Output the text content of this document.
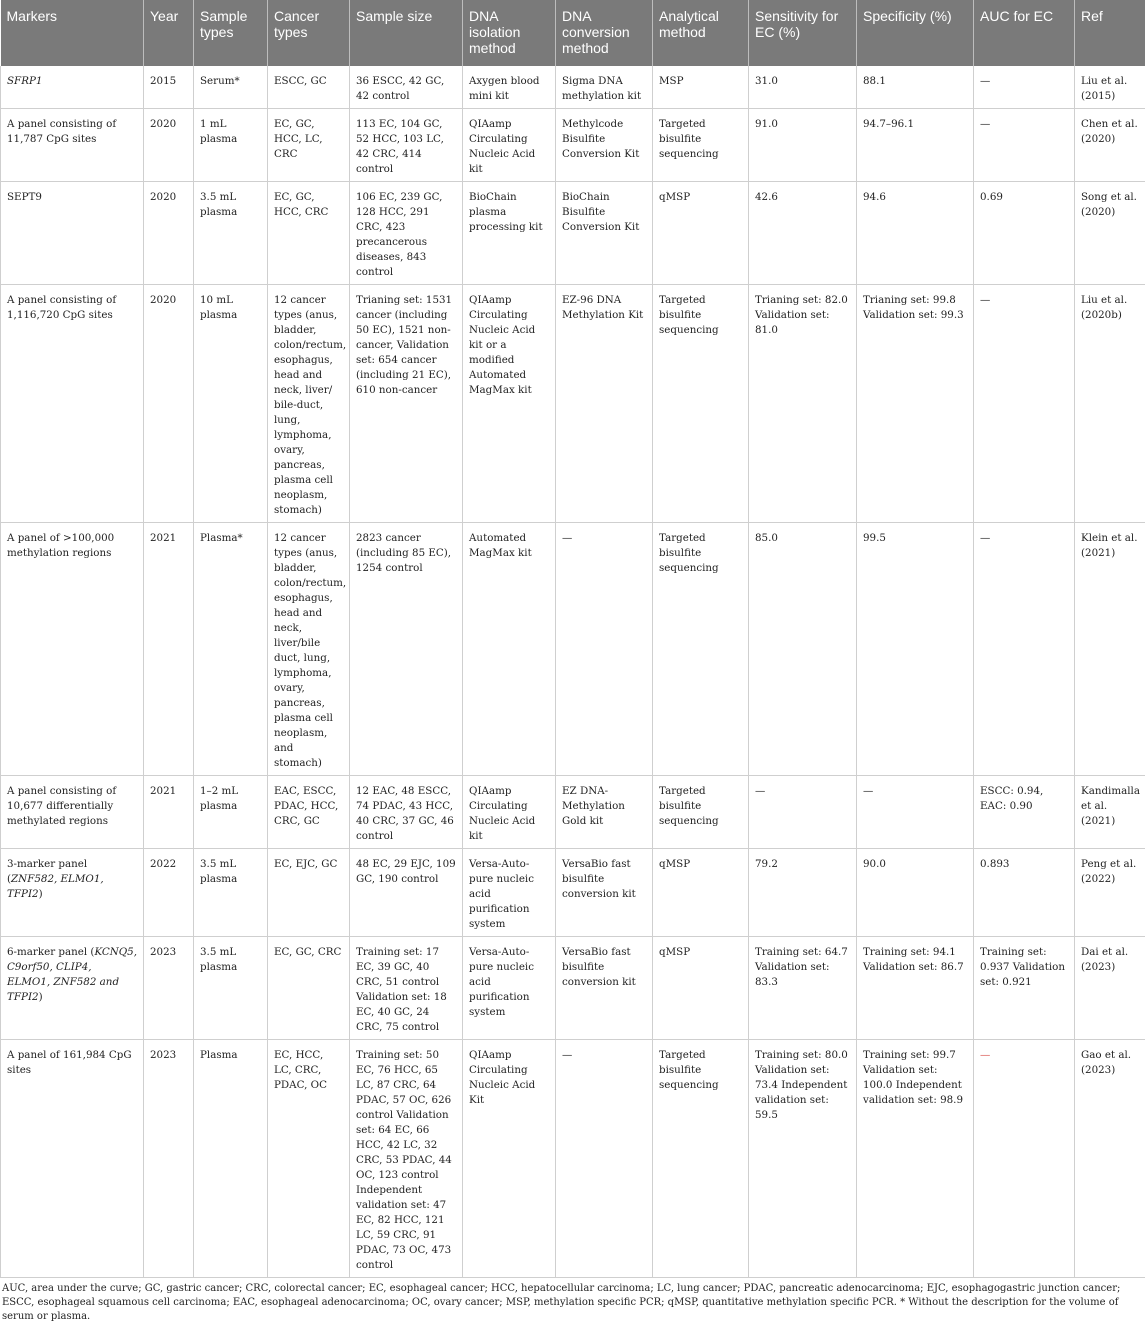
Markers	Year	Sample types	Cancer types	Sample size	DNA isolation method	DNA conversion method	Analytical method	Sensitivity for EC (%)	Specificity (%)	AUC for EC	Ref
SFRP1	2015	Serum*	ESCC, GC	36 ESCC, 42 GC, 42 control	Axygen blood mini kit	Sigma DNA methylation kit	MSP	31.0	88.1	—	Liu et al. (2015)
A panel consisting of 11,787 CpG sites	2020	1 mL plasma	EC, GC, HCC, LC, CRC	113 EC, 104 GC, 52 HCC, 103 LC, 42 CRC, 414 control	QIAamp Circulating Nucleic Acid kit	Methylcode Bisulfite Conversion Kit	Targeted bisulfite sequencing	91.0	94.7–96.1	—	Chen et al. (2020)
SEPT9	2020	3.5 mL plasma	EC, GC, HCC, CRC	106 EC, 239 GC, 128 HCC, 291 CRC, 423 precancerous diseases, 843 control	BioChain plasma processing kit	BioChain Bisulfite Conversion Kit	qMSP	42.6	94.6	0.69	Song et al. (2020)
A panel consisting of 1,116,720 CpG sites	2020	10 mL plasma	12 cancer types (anus, bladder, colon/rectum, esophagus, head and neck, liver/ bile-duct, lung, lymphoma, ovary, pancreas, plasma cell neoplasm, stomach)	Trianing set: 1531 cancer (including 50 EC), 1521 non-cancer, Validation set: 654 cancer (including 21 EC), 610 non-cancer	QIAamp Circulating Nucleic Acid kit or a modified Automated MagMax kit	EZ-96 DNA Methylation Kit	Targeted bisulfite sequencing	Trianing set: 82.0 Validation set: 81.0	Trianing set: 99.8 Validation set: 99.3	—	Liu et al. (2020b)
A panel of >100,000 methylation regions	2021	Plasma*	12 cancer types (anus, bladder, colon/rectum, esophagus, head and neck, liver/bile duct, lung, lymphoma, ovary, pancreas, plasma cell neoplasm, and stomach)	2823 cancer (including 85 EC), 1254 control	Automated MagMax kit	—	Targeted bisulfite sequencing	85.0	99.5	—	Klein et al. (2021)
A panel consisting of 10,677 differentially methylated regions	2021	1–2 mL plasma	EAC, ESCC, PDAC, HCC, CRC, GC	12 EAC, 48 ESCC, 74 PDAC, 43 HCC, 40 CRC, 37 GC, 46 control	QIAamp Circulating Nucleic Acid kit	EZ DNA-Methylation Gold kit	Targeted bisulfite sequencing	—	—	ESCC: 0.94, EAC: 0.90	Kandimalla et al. (2021)
3-marker panel (ZNF582, ELMO1, TFPI2)	2022	3.5 mL plasma	EC, EJC, GC	48 EC, 29 EJC, 109 GC, 190 control	Versa-Auto-pure nucleic acid purification system	VersaBio fast bisulfite conversion kit	qMSP	79.2	90.0	0.893	Peng et al. (2022)
6-marker panel (KCNQ5, C9orf50, CLIP4, ELMO1, ZNF582 and TFPI2)	2023	3.5 mL plasma	EC, GC, CRC	Training set: 17 EC, 39 GC, 40 CRC, 51 control Validation set: 18 EC, 40 GC, 24 CRC, 75 control	Versa-Auto-pure nucleic acid purification system	VersaBio fast bisulfite conversion kit	qMSP	Training set: 64.7 Validation set: 83.3	Training set: 94.1 Validation set: 86.7	Training set: 0.937 Validation set: 0.921	Dai et al. (2023)
A panel of 161,984 CpG sites	2023	Plasma	EC, HCC, LC, CRC, PDAC, OC	Training set: 50 EC, 76 HCC, 65 LC, 87 CRC, 64 PDAC, 57 OC, 626 control Validation set: 64 EC, 66 HCC, 42 LC, 32 CRC, 53 PDAC, 44 OC, 123 control Independent validation set: 47 EC, 82 HCC, 121 LC, 59 CRC, 91 PDAC, 73 OC, 473 control	QIAamp Circulating Nucleic Acid Kit	—	Targeted bisulfite sequencing	Training set: 80.0 Validation set: 73.4 Independent validation set: 59.5	Training set: 99.7 Validation set: 100.0 Independent validation set: 98.9	—	Gao et al. (2023)
AUC, area under the curve; GC, gastric cancer; CRC, colorectal cancer; EC, esophageal cancer; HCC, hepatocellular carcinoma; LC, lung cancer; PDAC, pancreatic adenocarcinoma; EJC, esophagogastric junction cancer; ESCC, esophageal squamous cell carcinoma; EAC, esophageal adenocarcinoma; OC, ovary cancer; MSP, methylation specific PCR; qMSP, quantitative methylation specific PCR. * Without the description for the volume of serum or plasma.
